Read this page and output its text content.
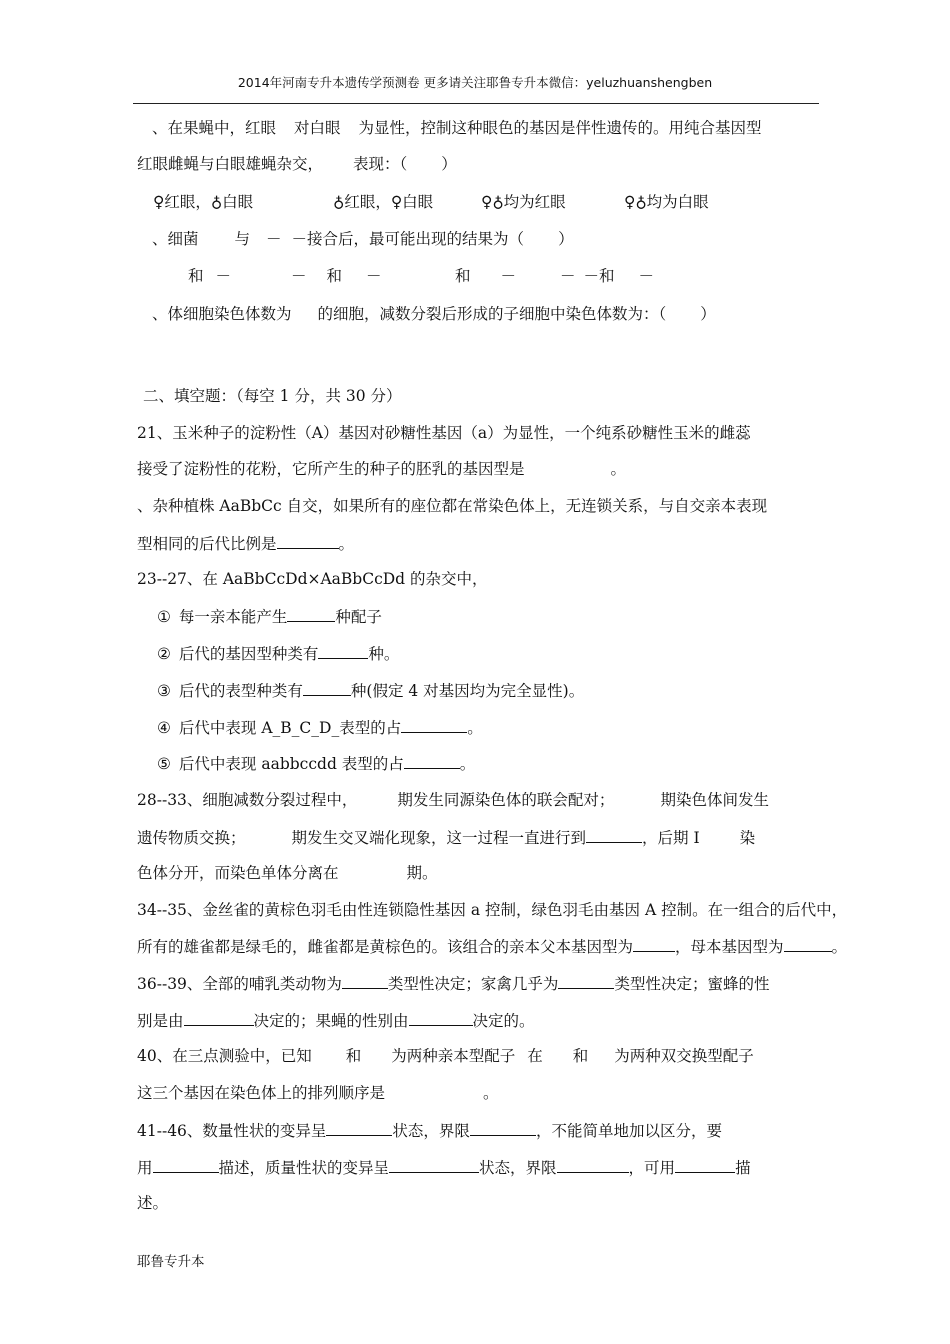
2014年河南专升本遗传学预测卷 更多请关注耶鲁专升本微信：yeluzhuanshengben
、在果蝇中，红眼 对白眼 为显性，控制这种眼色的基因是伴性遗传的。用纯合基因型
红眼雌蝇与白眼雄蝇杂交， 表现：（ ）
♀红眼，♁白眼	♁红眼，♀白眼	♀♁均为红眼	♀♁均为白眼
、细菌 与 － －接合后，最可能出现的结果为（ ）
和 －	－ 和 －	和 －	－ －和 －
、体细胞染色体数为 的细胞，减数分裂后形成的子细胞中染色体数为：（ ）
二、填空题：（每空 1 分，共 30 分）
21、玉米种子的淀粉性（A）基因对砂糖性基因（a）为显性，一个纯系砂糖性玉米的雌蕊
接受了淀粉性的花粉，它所产生的种子的胚乳的基因型是	。
、杂种植株 AaBbCc 自交，如果所有的座位都在常染色体上，无连锁关系，与自交亲本表现
型相同的后代比例是	。
23--27、在 AaBbCcDd×AaBbCcDd 的杂交中，
① 每一亲本能产生	种配子
② 后代的基因型种类有	种。
③ 后代的表型种类有	种(假定 4 对基因均为完全显性)。
④ 后代中表现 A_B_C_D_表型的占	。
⑤ 后代中表现 aabbccdd 表型的占	。
28--33、细胞减数分裂过程中，	期发生同源染色体的联会配对；	期染色体间发生
遗传物质交换；	期发生交叉端化现象，这一过程一直进行到	，后期 I	染
色体分开，而染色单体分离在	期。
34--35、金丝雀的黄棕色羽毛由性连锁隐性基因 a 控制，绿色羽毛由基因 A 控制。在一组合的后代中，
所有的雄雀都是绿毛的，雌雀都是黄棕色的。该组合的亲本父本基因型为	，母本基因型为	。
36--39、全部的哺乳类动物为	类型性决定；家禽几乎为	类型性决定；蜜蜂的性
别是由	决定的；果蝇的性别由	决定的。
40、在三点测验中，已知 和 为两种亲本型配子 在 和 为两种双交换型配子
这三个基因在染色体上的排列顺序是	。
41--46、数量性状的变异呈	状态，界限	，不能简单地加以区分，要
用	描述，质量性状的变异呈	状态，界限	，可用	描
述。
耶鲁专升本
